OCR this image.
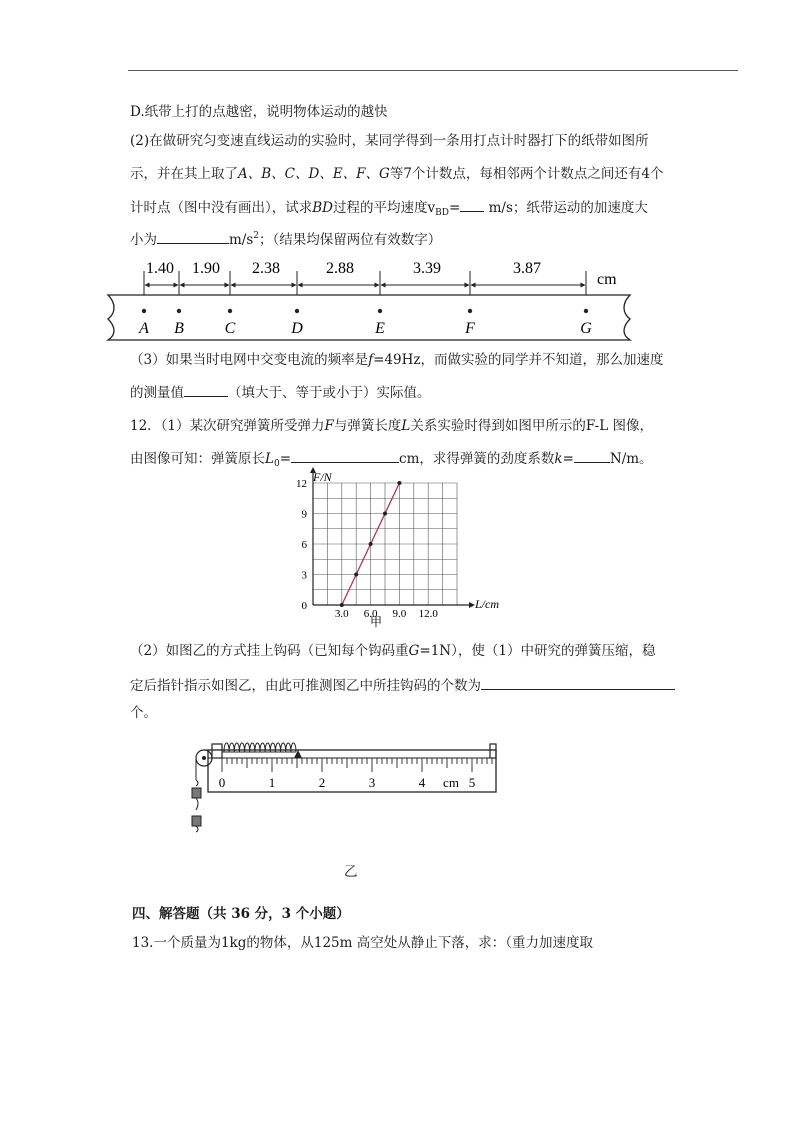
D.纸带上打的点越密，说明物体运动的越快
(2)在做研究匀变速直线运动的实验时，某同学得到一条用打点计时器打下的纸带如图所
示，并在其上取了A、B、C、D、E、F、G等7个计数点，每相邻两个计数点之间还有4个
计时点（图中没有画出），试求BD过程的平均速度$v_{BD}= m/s$；纸带运动的加速度大
小为	$m/s^2$；（结果均保留两位有效数字）
1.40 1.90 2.38	2.88	3.39	3.87
cm
A B	C	D	E	F	G
（3）如果当时电网中交变电流的频率是f=49Hz，而做实验的同学并不知道，那么加速度
的测量值	（填大于、等于或小于）实际值。
12．（1）某次研究弹簧所受弹力F与弹簧长度L关系实验时得到如图甲所示的F-L 图像，
由图像可知：弹簧原长$L_0=$	cm，求得弹簧的劲度系数k=	N/m。
3.0 6.0 9.0 12.0
0
3
6
9
12 F/N
L/cm
甲
（2）如图乙的方式挂上钩码（已知每个钩码重G=1N），使（1）中研究的弹簧压缩，稳
定后指针指示如图乙，由此可推测图乙中所挂钩码的个数为
个。
0	1	2	3	4 cm 5
乙
四、解答题（共 36 分，3 个小题）
13.一个质量为1kg的物体，从125m 高空处从静止下落，求：（重力加速度取
